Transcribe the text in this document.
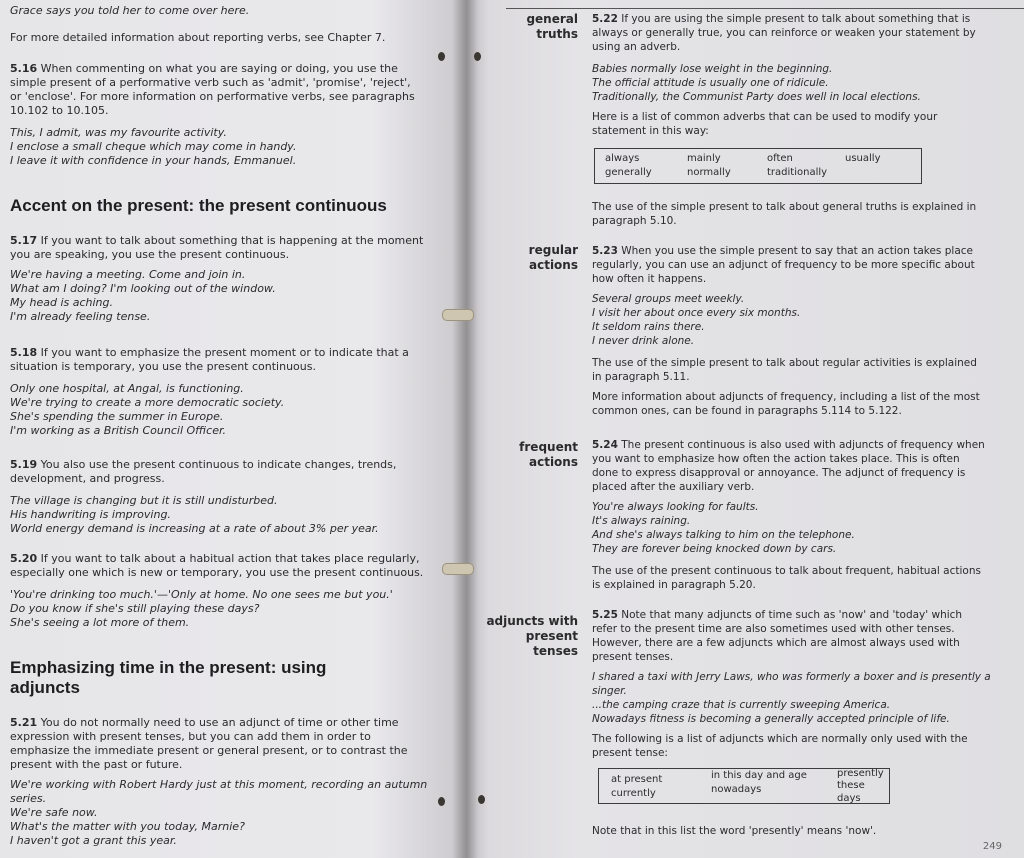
Grace says you told her to come over here.

For more detailed information about reporting verbs, see Chapter 7.

5.16 When commenting on what you are saying or doing, you use the

simple present of a performative verb such as 'admit', 'promise', 'reject',

or 'enclose'. For more information on performative verbs, see paragraphs

10.102 to 10.105.

This, I admit, was my favourite activity.

I enclose a small cheque which may come in handy.

I leave it with confidence in your hands, Emmanuel.

Accent on the present: the present continuous

5.17 If you want to talk about something that is happening at the moment

you are speaking, you use the present continuous.

We're having a meeting. Come and join in.

What am I doing? I'm looking out of the window.

My head is aching.

I'm already feeling tense.

5.18 If you want to emphasize the present moment or to indicate that a

situation is temporary, you use the present continuous.

Only one hospital, at Angal, is functioning.

We're trying to create a more democratic society.

She's spending the summer in Europe.

I'm working as a British Council Officer.

5.19 You also use the present continuous to indicate changes, trends,

development, and progress.

The village is changing but it is still undisturbed.

His handwriting is improving.

World energy demand is increasing at a rate of about 3% per year.

5.20 If you want to talk about a habitual action that takes place regularly,

especially one which is new or temporary, you use the present continuous.

'You're drinking too much.'—'Only at home. No one sees me but you.'

Do you know if she's still playing these days?

She's seeing a lot more of them.

Emphasizing time in the present: using

adjuncts

5.21 You do not normally need to use an adjunct of time or other time

expression with present tenses, but you can add them in order to

emphasize the immediate present or general present, or to contrast the

present with the past or future.

We're working with Robert Hardy just at this moment, recording an autumn

series.

We're safe now.

What's the matter with you today, Marnie?

I haven't got a grant this year.

general
truths
regular
actions
frequent
actions
adjuncts with
present
tenses

5.22 If you are using the simple present to talk about something that is

always or generally true, you can reinforce or weaken your statement by

using an adverb.

Babies normally lose weight in the beginning.

The official attitude is usually one of ridicule.

Traditionally, the Communist Party does well in local elections.

Here is a list of common adverbs that can be used to modify your

statement in this way:

always
generally
mainly
normally
often
traditionally
usually

The use of the simple present to talk about general truths is explained in

paragraph 5.10.

5.23 When you use the simple present to say that an action takes place

regularly, you can use an adjunct of frequency to be more specific about

how often it happens.

Several groups meet weekly.

I visit her about once every six months.

It seldom rains there.

I never drink alone.

The use of the simple present to talk about regular activities is explained

in paragraph 5.11.

More information about adjuncts of frequency, including a list of the most

common ones, can be found in paragraphs 5.114 to 5.122.

5.24 The present continuous is also used with adjuncts of frequency when

you want to emphasize how often the action takes place. This is often

done to express disapproval or annoyance. The adjunct of frequency is

placed after the auxiliary verb.

You're always looking for faults.

It's always raining.

And she's always talking to him on the telephone.

They are forever being knocked down by cars.

The use of the present continuous to talk about frequent, habitual actions

is explained in paragraph 5.20.

5.25 Note that many adjuncts of time such as 'now' and 'today' which

refer to the present time are also sometimes used with other tenses.

However, there are a few adjuncts which are almost always used with

present tenses.

I shared a taxi with Jerry Laws, who was formerly a boxer and is presently a

singer.

...the camping craze that is currently sweeping America.

Nowadays fitness is becoming a generally accepted principle of life.

The following is a list of adjuncts which are normally only used with the

present tense:

at present
currently
in this day and age
nowadays
presently
these days

Note that in this list the word 'presently' means 'now'.

249
